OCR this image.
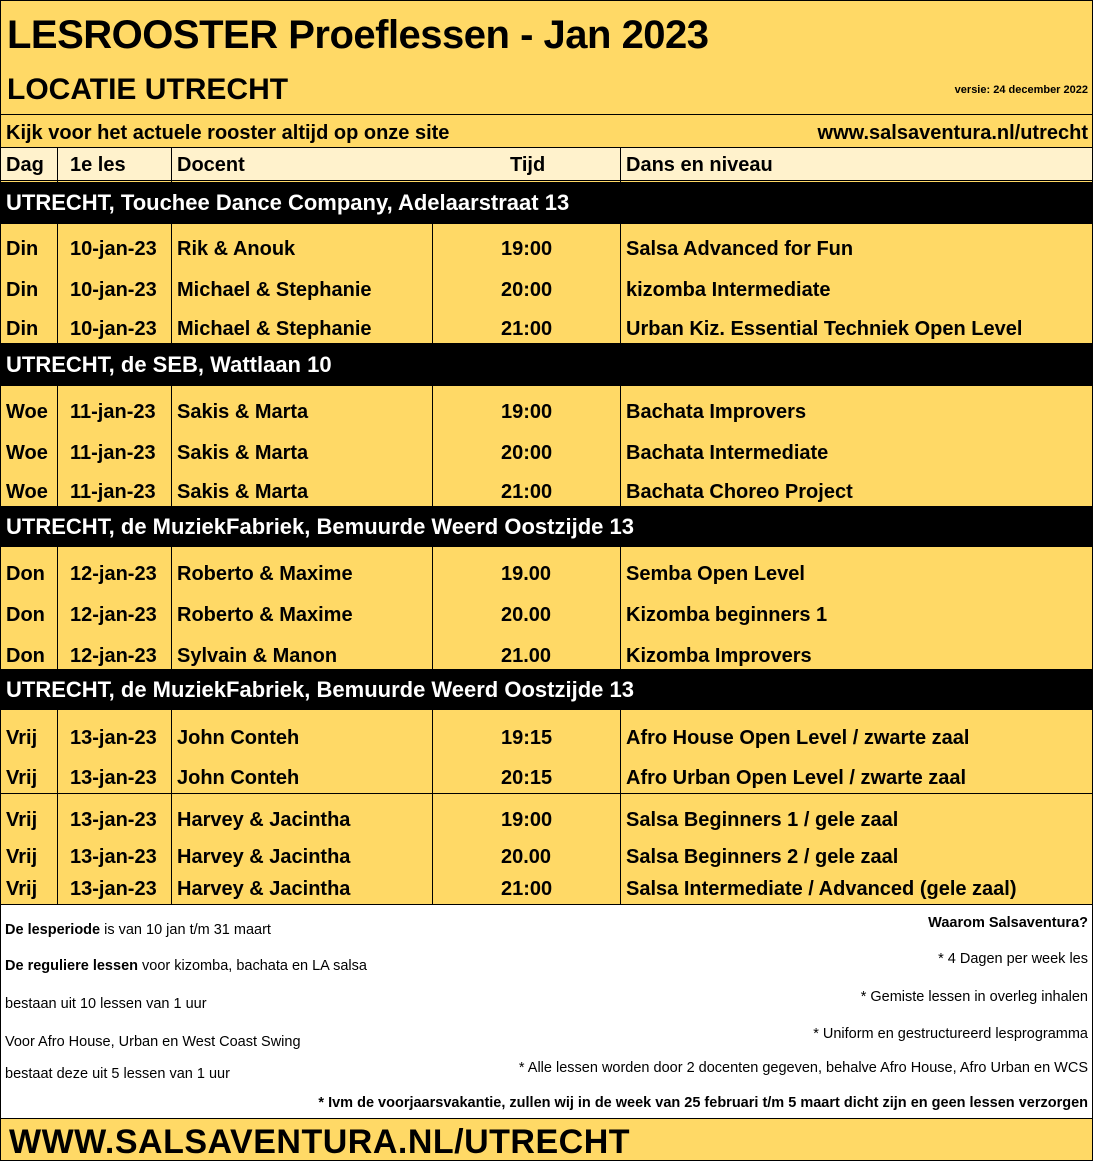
LESROOSTER Proeflessen - Jan 2023
LOCATIE UTRECHT	versie: 24 december 2022
Kijk voor het actuele rooster altijd op onze site	www.salsaventura.nl/utrecht
Dag 1e les	Docent	Tijd	Dans en niveau
UTRECHT, Touchee Dance Company, Adelaarstraat 13
Din 10-jan-23 Rik & Anouk	19:00	Salsa Advanced for Fun
Din 10-jan-23 Michael & Stephanie	20:00	kizomba Intermediate
Din 10-jan-23 Michael & Stephanie	21:00	Urban Kiz. Essential Techniek Open Level
UTRECHT, de SEB, Wattlaan 10
Woe 11-jan-23 Sakis & Marta	19:00	Bachata Improvers
Woe 11-jan-23 Sakis & Marta	20:00	Bachata Intermediate
Woe 11-jan-23 Sakis & Marta	21:00	Bachata Choreo Project
UTRECHT, de MuziekFabriek, Bemuurde Weerd Oostzijde 13
Don 12-jan-23 Roberto & Maxime	19.00	Semba Open Level
Don 12-jan-23 Roberto & Maxime	20.00	Kizomba beginners 1
Don 12-jan-23 Sylvain & Manon	21.00	Kizomba Improvers
UTRECHT, de MuziekFabriek, Bemuurde Weerd Oostzijde 13
Vrij 13-jan-23 John Conteh	19:15	Afro House Open Level / zwarte zaal
Vrij 13-jan-23 John Conteh	20:15	Afro Urban Open Level / zwarte zaal
Vrij 13-jan-23 Harvey & Jacintha	19:00	Salsa Beginners 1 / gele zaal
Vrij 13-jan-23 Harvey & Jacintha	20.00	Salsa Beginners 2 / gele zaal
Vrij 13-jan-23 Harvey & Jacintha	21:00	Salsa Intermediate / Advanced (gele zaal)
De lesperiode is van 10 jan t/m 31 maart
De reguliere lessen voor kizomba, bachata en LA salsa
bestaan uit 10 lessen van 1 uur
Voor Afro House, Urban en West Coast Swing
bestaat deze uit 5 lessen van 1 uur
Waarom Salsaventura?
* 4 Dagen per week les
* Gemiste lessen in overleg inhalen
* Uniform en gestructureerd lesprogramma
* Alle lessen worden door 2 docenten gegeven, behalve Afro House, Afro Urban en WCS
* Ivm de voorjaarsvakantie, zullen wij in de week van 25 februari t/m 5 maart dicht zijn en geen lessen verzorgen
WWW.SALSAVENTURA.NL/UTRECHT
